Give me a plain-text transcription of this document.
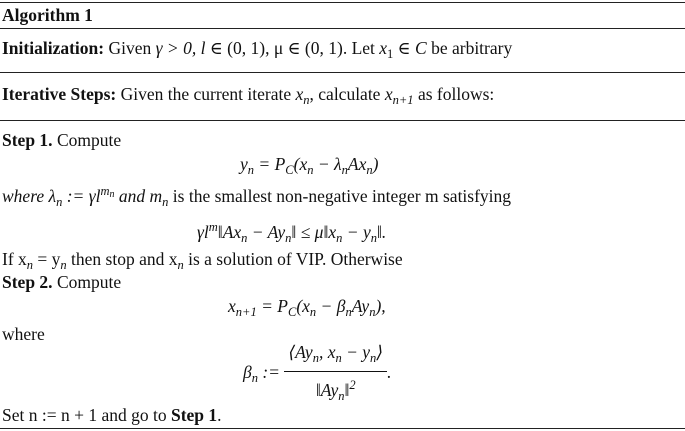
Algorithm 1
Initialization: Given γ > 0, l ∈ (0, 1), μ ∈ (0, 1). Let $x_1$ ∈ C be arbitrary
Iterative Steps: Given the current iterate $x_n$, calculate $x_{n+1}$ as follows:
Step 1. Compute
$y_n = P_C(x_n - \lambda_nAx_n)$
where $\lambda_n$ := $\gamma l^{mn}$ and $m_n$ is the smallest non-negative integer m satisfying
$\gamma l^m‖Ax_n$ − $Ay_n‖$ ≤ $\mu‖x_n$ − $y_n‖$.
If $x_n = y_n$ then stop and $x_n$ is a solution of VIP. Otherwise
Step 2. Compute
$x_{n+1} = P_C(x_n - \beta_nAy_n)$,
where
$\beta_n$ := $\frac{⟨Ay_n, x_n - y_n⟩}{‖Ay_n‖^2}$ .
Set n := n + 1 and go to Step 1.
